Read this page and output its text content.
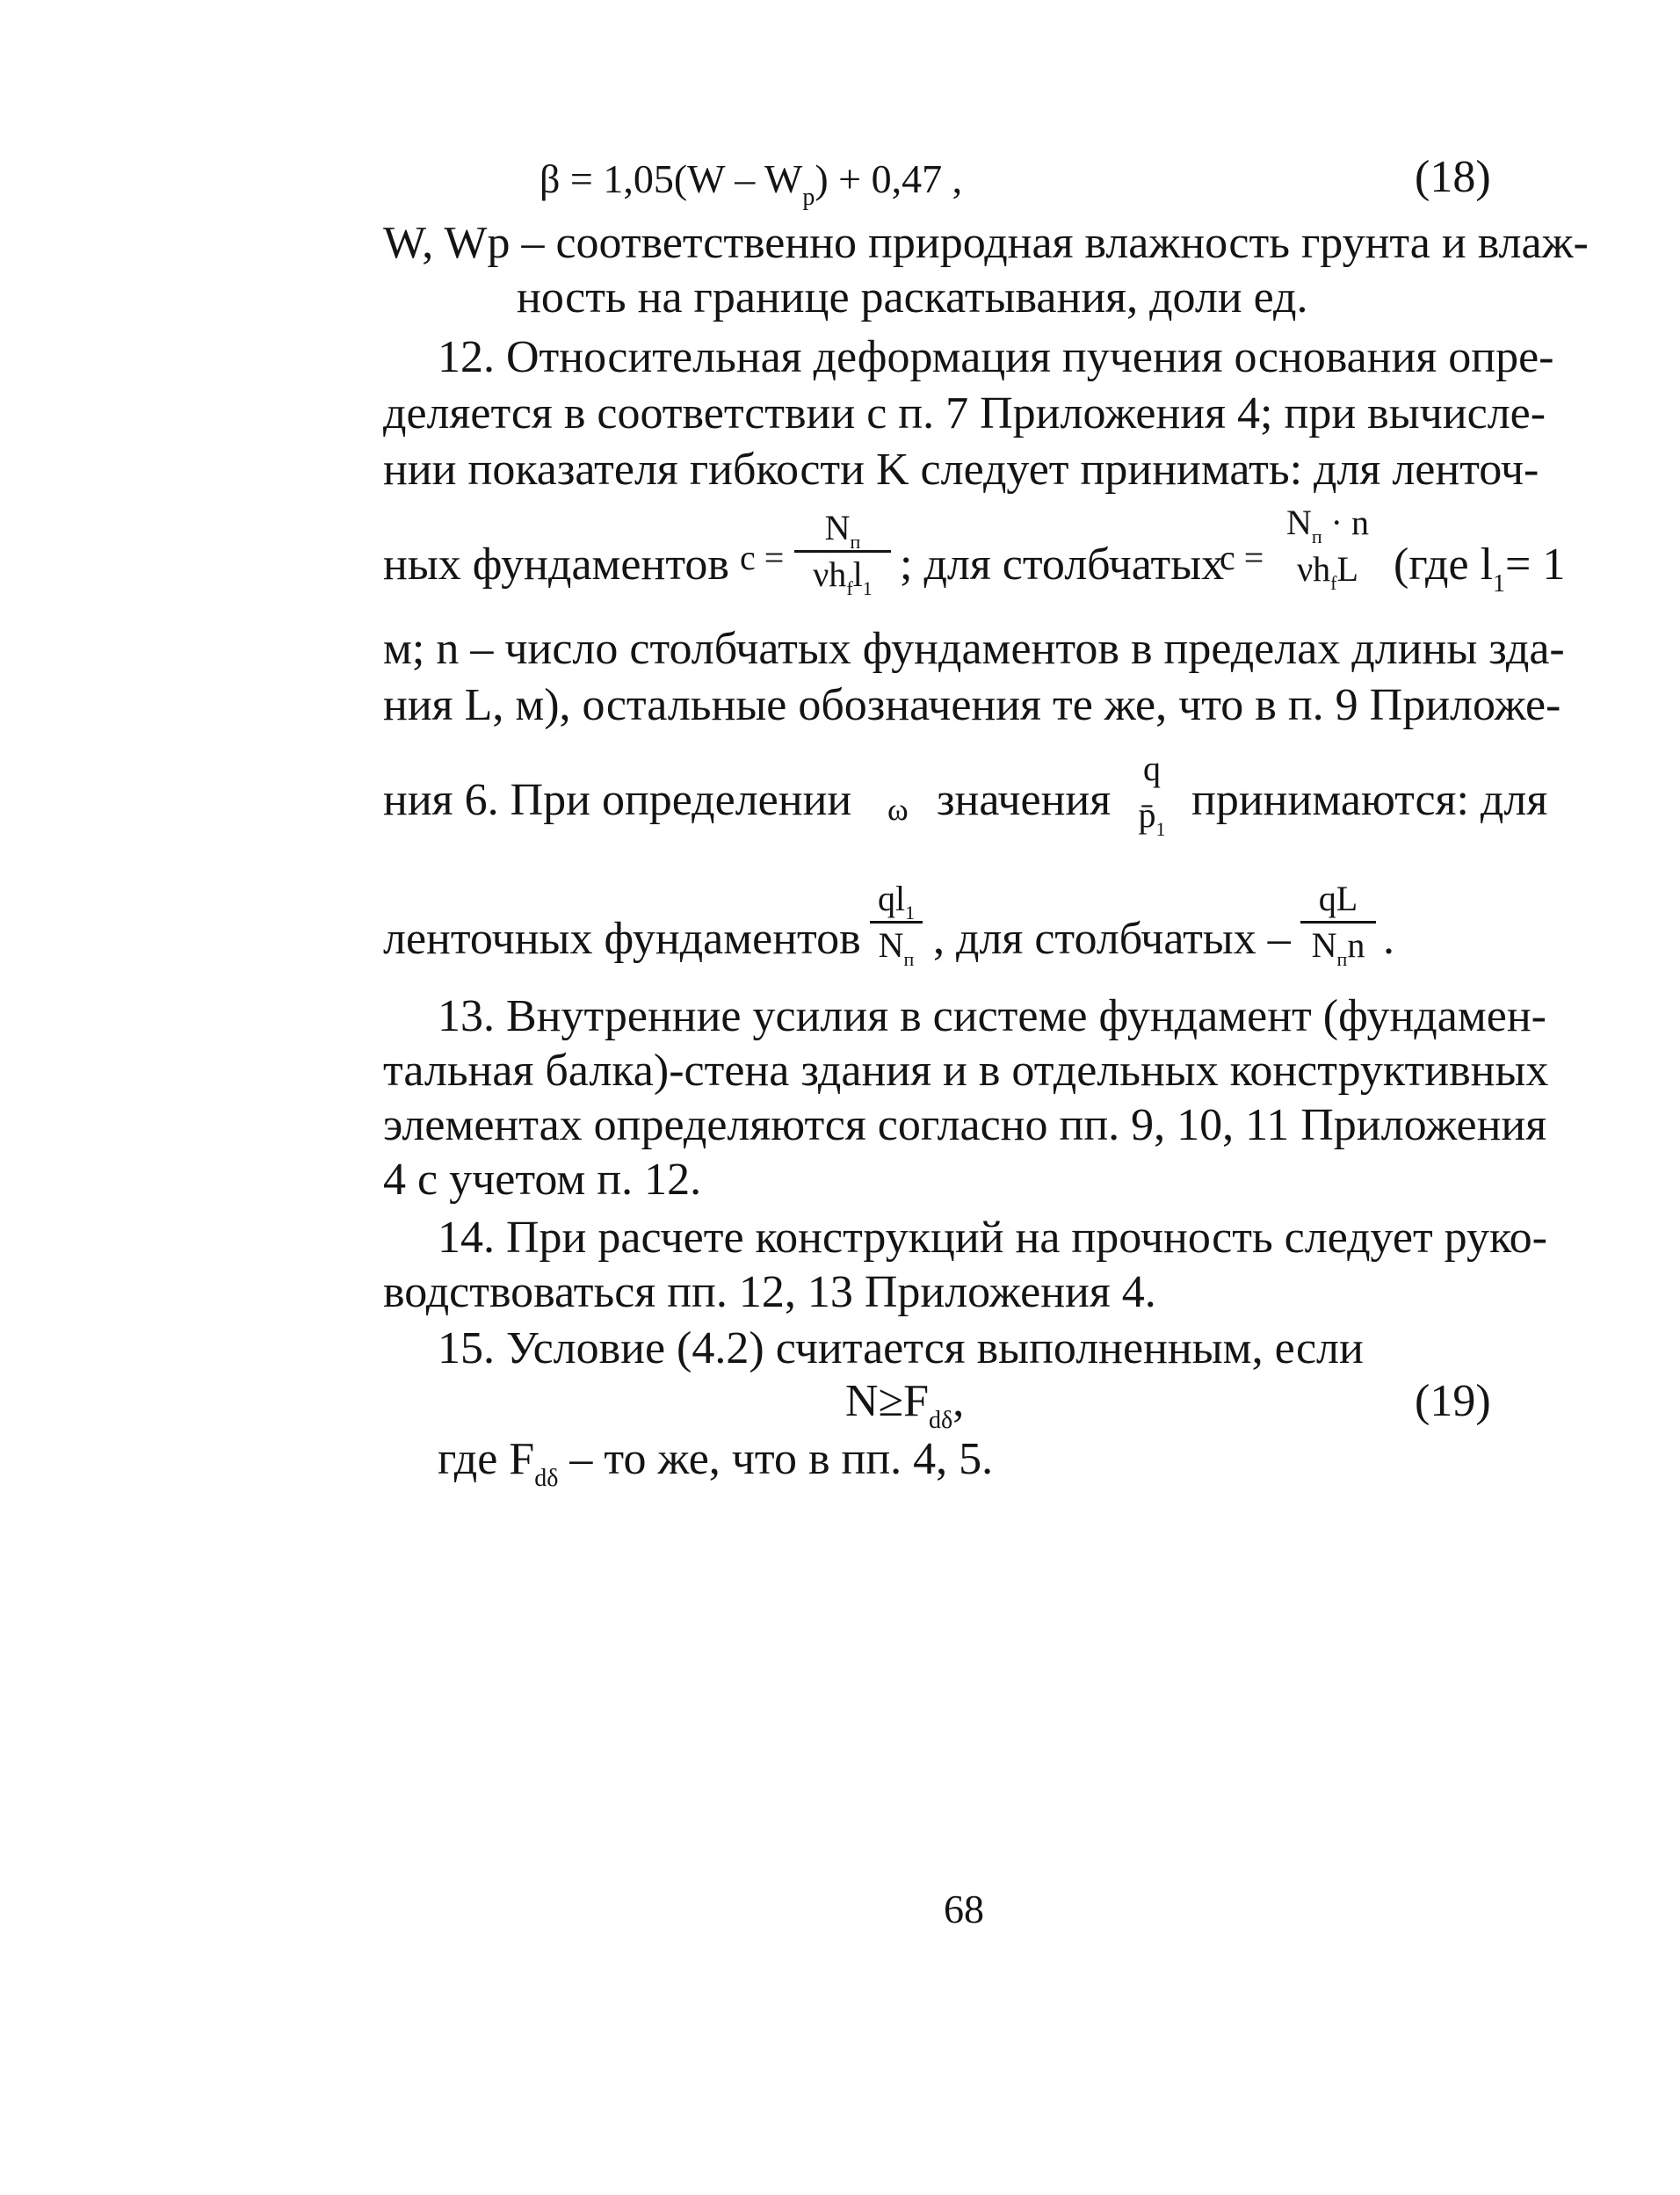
$\beta = 1,05(W - W_p) + 0,47$ ,	(18)
W, Wp – соответственно природная влажность грунта и влаж-
ность на границе раскатывания, доли ед.
12. Относительная деформация пучения основания опре-
деляется в соответствии с п. 7 Приложения 4; при вычисле-
нии показателя гибкости K следует принимать: для ленточ-
ных фундаментов c =
$N_п$
$\nu h_fl_1$ ; для столбчатых
c =
$N_п \cdot n$
$\nu h_fL$ (где $l_1= 1$
м; n – число столбчатых фундаментов в пределах длины зда-
ния L, м), остальные обозначения те же, что в п. 9 Приложе-
ния 6. При определении ω значения
q
$p̄_1$
принимаются: для
ленточных фундаментов
$ql_1$
$N_п$ , для столбчатых –
qL
$N_пn$ .
13. Внутренние усилия в системе фундамент (фундамен-
тальная балка)-стена здания и в отдельных конструктивных
элементах определяются согласно пп. 9, 10, 11 Приложения
4 с учетом п. 12.
14. При расчете конструкций на прочность следует руко-
водствоваться пп. 12, 13 Приложения 4.
15. Условие (4.2) считается выполненным, если
$N\ge F_{d\delta}$,	(19)
где $F_{d\delta}$ – то же, что в пп. 4, 5.
68
